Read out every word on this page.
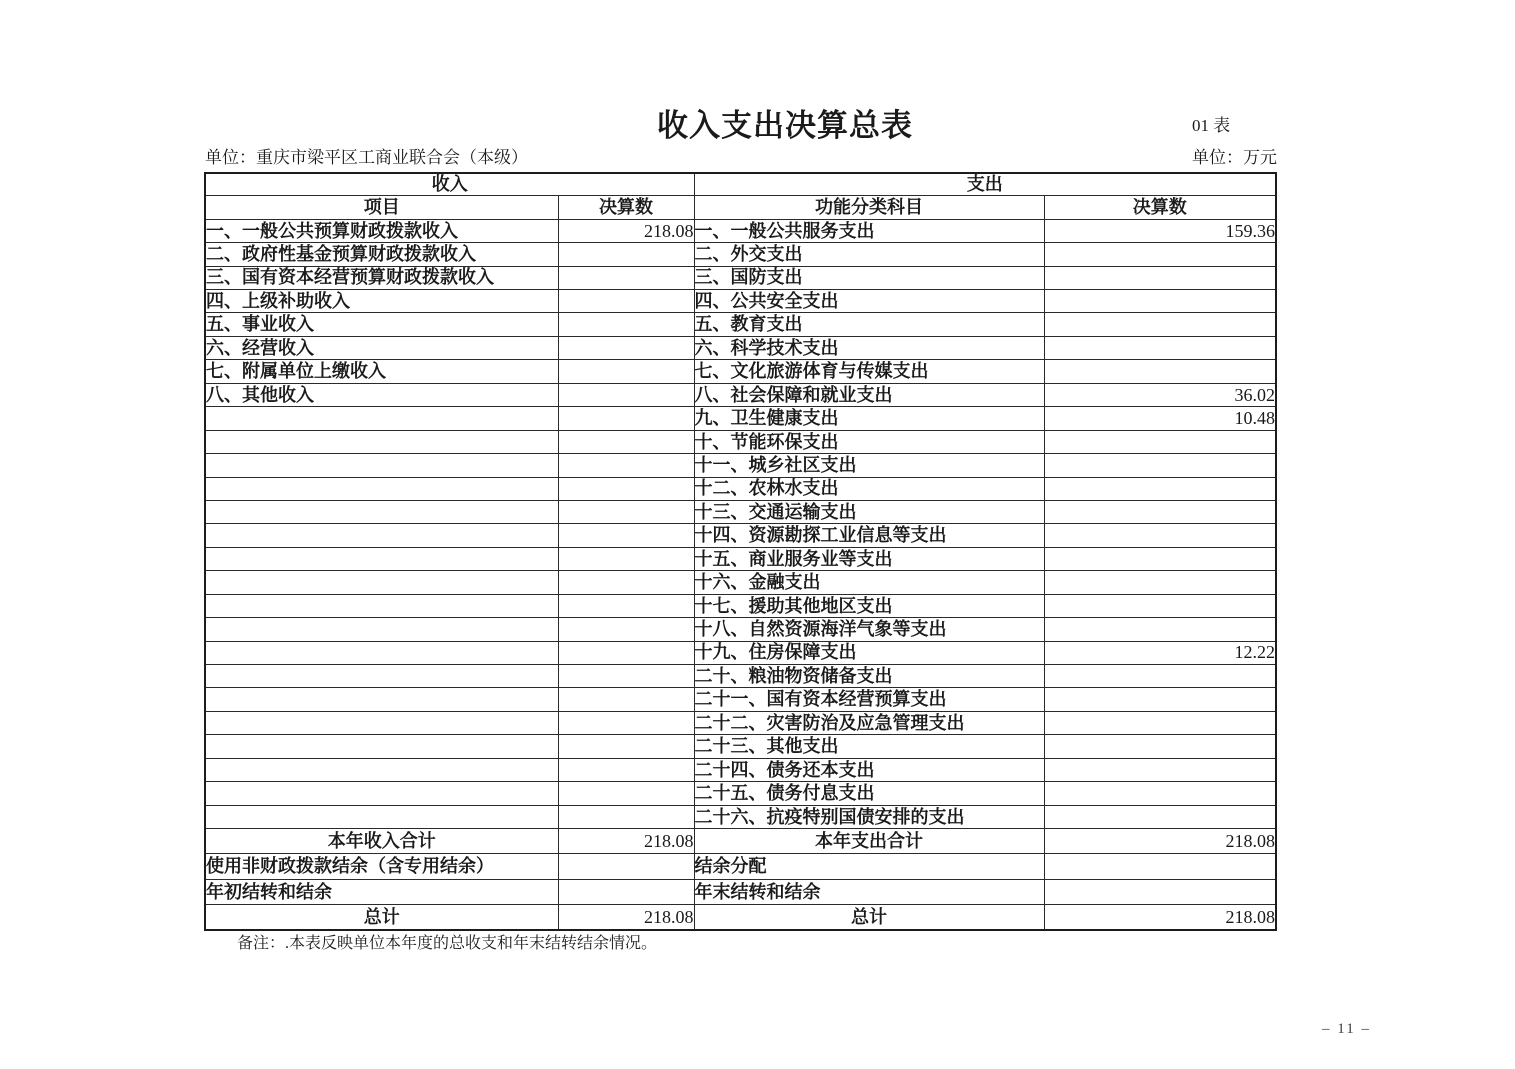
收入支出决算总表	01 表
单位：重庆市梁平区工商业联合会（本级）	单位：万元
收入		支出	
项目	决算数	功能分类科目	决算数
一、一般公共预算财政拨款收入	218.08	一、一般公共服务支出	159.36
二、政府性基金预算财政拨款收入		二、外交支出	
三、国有资本经营预算财政拨款收入		三、国防支出	
四、上级补助收入		四、公共安全支出	
五、事业收入		五、教育支出	
六、经营收入		六、科学技术支出	
七、附属单位上缴收入		七、文化旅游体育与传媒支出	
八、其他收入		八、社会保障和就业支出	36.02
		九、卫生健康支出	10.48
		十、节能环保支出	
		十一、城乡社区支出	
		十二、农林水支出	
		十三、交通运输支出	
		十四、资源勘探工业信息等支出	
		十五、商业服务业等支出	
		十六、金融支出	
		十七、援助其他地区支出	
		十八、自然资源海洋气象等支出	
		十九、住房保障支出	12.22
		二十、粮油物资储备支出	
		二十一、国有资本经营预算支出	
		二十二、灾害防治及应急管理支出	
		二十三、其他支出	
		二十四、债务还本支出	
		二十五、债务付息支出	
		二十六、抗疫特别国债安排的支出	
本年收入合计	218.08	本年支出合计	218.08
使用非财政拨款结余（含专用结余）		结余分配	
年初结转和结余		年末结转和结余	
总计	218.08	总计	218.08
备注：.本表反映单位本年度的总收支和年末结转结余情况。
– 11 –
